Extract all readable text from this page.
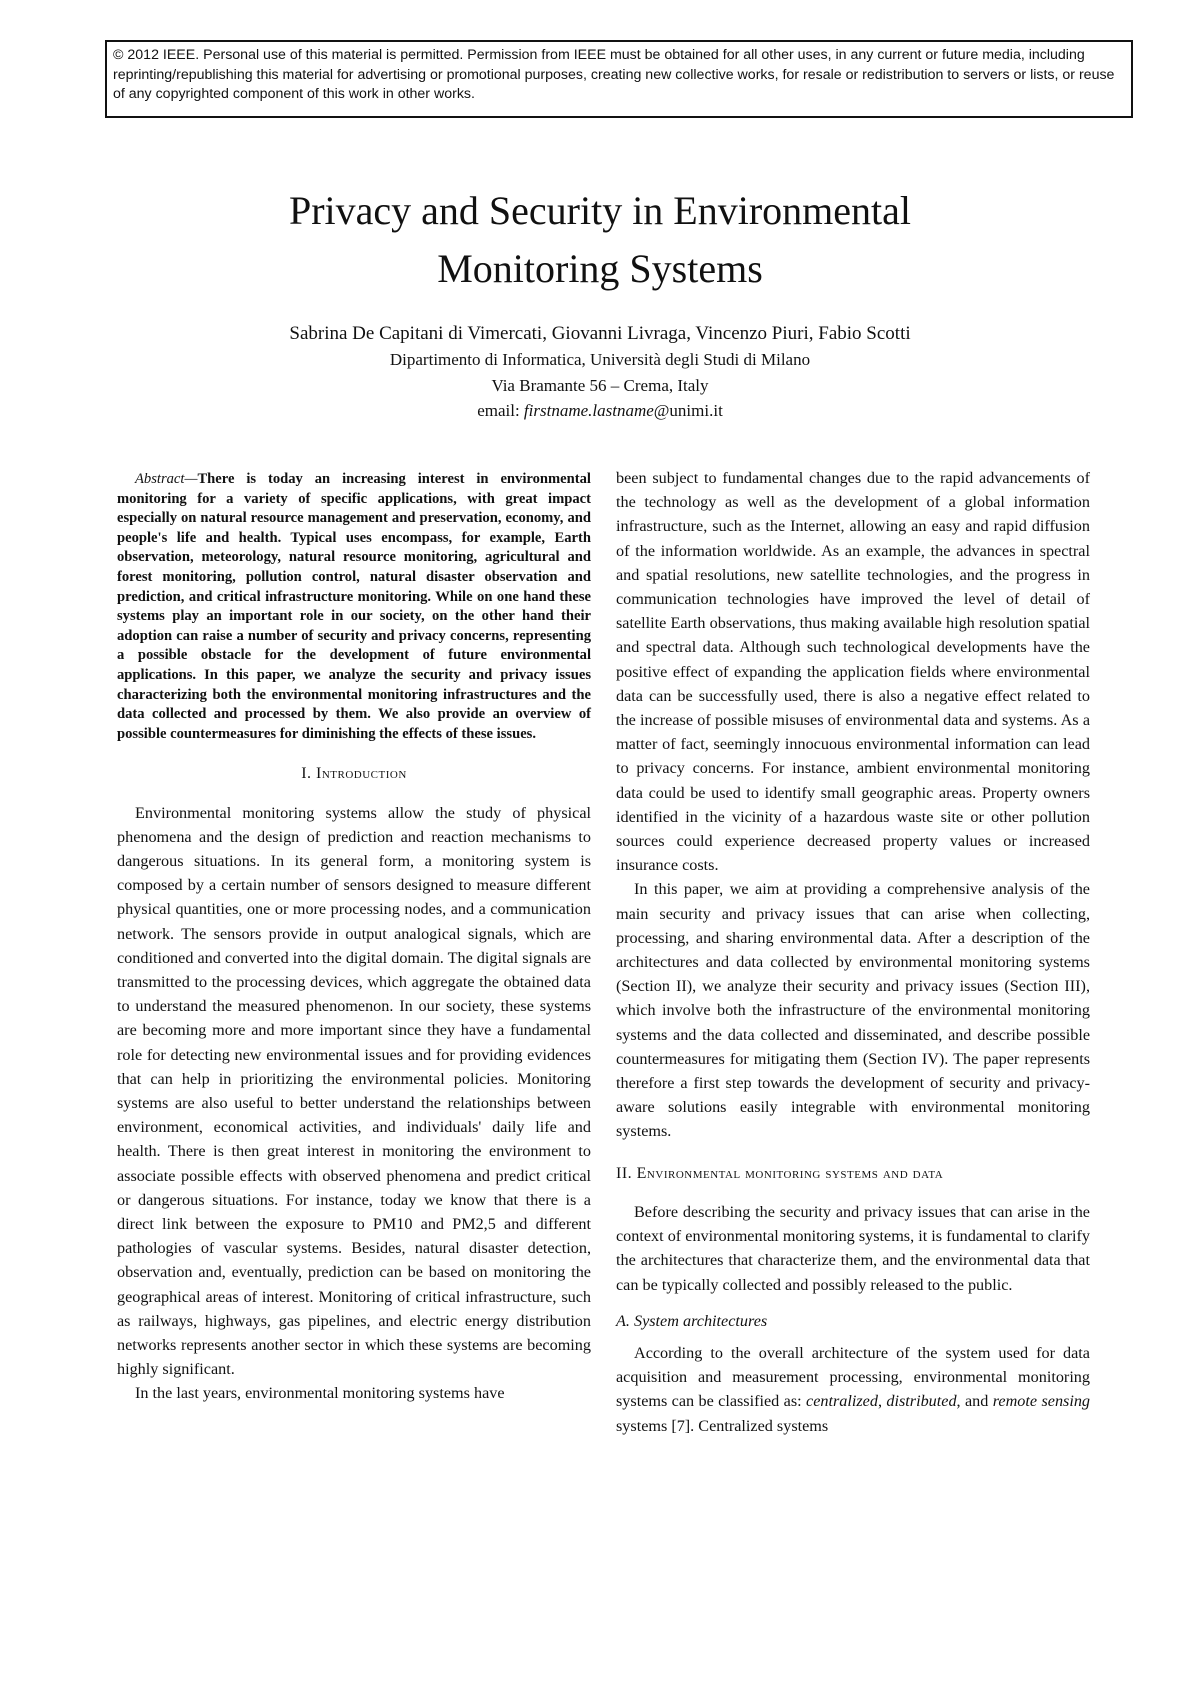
© 2012 IEEE. Personal use of this material is permitted. Permission from IEEE must be obtained for all other uses, in any current or future media, including reprinting/republishing this material for advertising or promotional purposes, creating new collective works, for resale or redistribution to servers or lists, or reuse of any copyrighted component of this work in other works.
Privacy and Security in Environmental
Monitoring Systems
Sabrina De Capitani di Vimercati, Giovanni Livraga, Vincenzo Piuri, Fabio Scotti
Dipartimento di Informatica, Università degli Studi di Milano
Via Bramante 56 – Crema, Italy
email: firstname.lastname@unimi.it

Abstract—There is today an increasing interest in environmental monitoring for a variety of specific applications, with great impact especially on natural resource management and preservation, economy, and people's life and health. Typical uses encompass, for example, Earth observation, meteorology, natural resource monitoring, agricultural and forest monitoring, pollution control, natural disaster observation and prediction, and critical infrastructure monitoring. While on one hand these systems play an important role in our society, on the other hand their adoption can raise a number of security and privacy concerns, representing a possible obstacle for the development of future environmental applications. In this paper, we analyze the security and privacy issues characterizing both the environmental monitoring infrastructures and the data collected and processed by them. We also provide an overview of possible countermeasures for diminishing the effects of these issues.

I. Introduction

Environmental monitoring systems allow the study of physical phenomena and the design of prediction and reaction mechanisms to dangerous situations. In its general form, a monitoring system is composed by a certain number of sensors designed to measure different physical quantities, one or more processing nodes, and a communication network. The sensors provide in output analogical signals, which are conditioned and converted into the digital domain. The digital signals are transmitted to the processing devices, which aggregate the obtained data to understand the measured phenomenon. In our society, these systems are becoming more and more important since they have a fundamental role for detecting new environmental issues and for providing evidences that can help in prioritizing the environmental policies. Monitoring systems are also useful to better understand the relationships between environment, economical activities, and individuals' daily life and health. There is then great interest in monitoring the environment to associate possible effects with observed phenomena and predict critical or dangerous situations. For instance, today we know that there is a direct link between the exposure to PM10 and PM2,5 and different pathologies of vascular systems. Besides, natural disaster detection, observation and, eventually, prediction can be based on monitoring the geographical areas of interest. Monitoring of critical infrastructure, such as railways, highways, gas pipelines, and electric energy distribution networks represents another sector in which these systems are becoming highly significant.

In the last years, environmental monitoring systems have

been subject to fundamental changes due to the rapid advancements of the technology as well as the development of a global information infrastructure, such as the Internet, allowing an easy and rapid diffusion of the information worldwide. As an example, the advances in spectral and spatial resolutions, new satellite technologies, and the progress in communication technologies have improved the level of detail of satellite Earth observations, thus making available high resolution spatial and spectral data. Although such technological developments have the positive effect of expanding the application fields where environmental data can be successfully used, there is also a negative effect related to the increase of possible misuses of environmental data and systems. As a matter of fact, seemingly innocuous environmental information can lead to privacy concerns. For instance, ambient environmental monitoring data could be used to identify small geographic areas. Property owners identified in the vicinity of a hazardous waste site or other pollution sources could experience decreased property values or increased insurance costs.

In this paper, we aim at providing a comprehensive analysis of the main security and privacy issues that can arise when collecting, processing, and sharing environmental data. After a description of the architectures and data collected by environmental monitoring systems (Section II), we analyze their security and privacy issues (Section III), which involve both the infrastructure of the environmental monitoring systems and the data collected and disseminated, and describe possible countermeasures for mitigating them (Section IV). The paper represents therefore a first step towards the development of security and privacy-aware solutions easily integrable with environmental monitoring systems.

II. Environmental monitoring systems and data

Before describing the security and privacy issues that can arise in the context of environmental monitoring systems, it is fundamental to clarify the architectures that characterize them, and the environmental data that can be typically collected and possibly released to the public.

A. System architectures

According to the overall architecture of the system used for data acquisition and measurement processing, environmental monitoring systems can be classified as: centralized, distributed, and remote sensing systems [7]. Centralized systems
